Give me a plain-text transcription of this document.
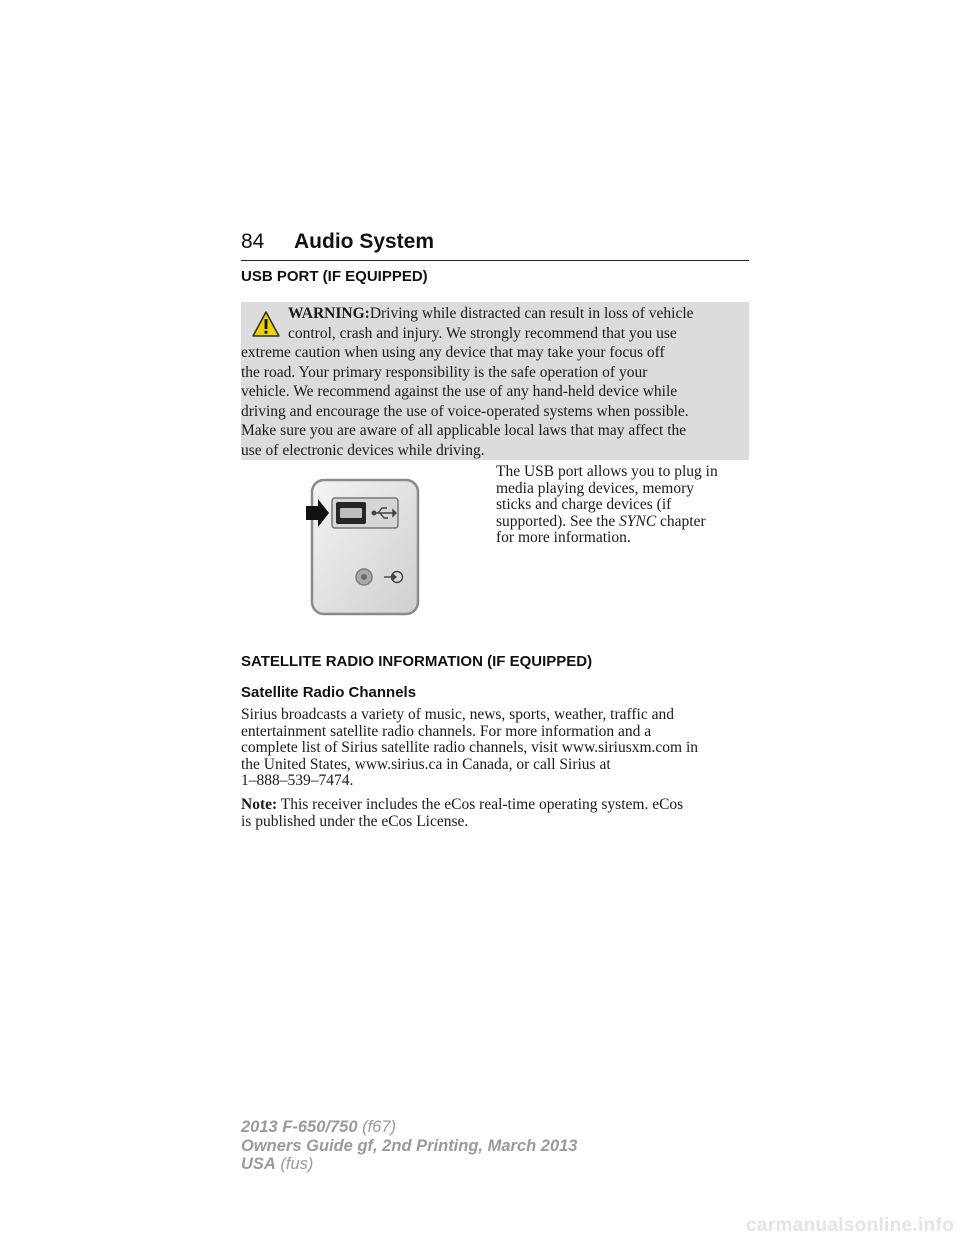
84 Audio System
USB PORT (IF EQUIPPED)
WARNING:Driving while distracted can result in loss of vehicle
control, crash and injury. We strongly recommend that you use
extreme caution when using any device that may take your focus off
the road. Your primary responsibility is the safe operation of your
vehicle. We recommend against the use of any hand-held device while
driving and encourage the use of voice-operated systems when possible.
Make sure you are aware of all applicable local laws that may affect the
use of electronic devices while driving.
The USB port allows you to plug in
media playing devices, memory
sticks and charge devices (if
supported). See the SYNC chapter
for more information.
SATELLITE RADIO INFORMATION (IF EQUIPPED)
Satellite Radio Channels
Sirius broadcasts a variety of music, news, sports, weather, traffic and
entertainment satellite radio channels. For more information and a
complete list of Sirius satellite radio channels, visit www.siriusxm.com in
the United States, www.sirius.ca in Canada, or call Sirius at
1–888–539–7474.
Note: This receiver includes the eCos real-time operating system. eCos
is published under the eCos License.
2013 F-650/750 (f67)
Owners Guide gf, 2nd Printing, March 2013
USA (fus)
carmanualsonline.info
